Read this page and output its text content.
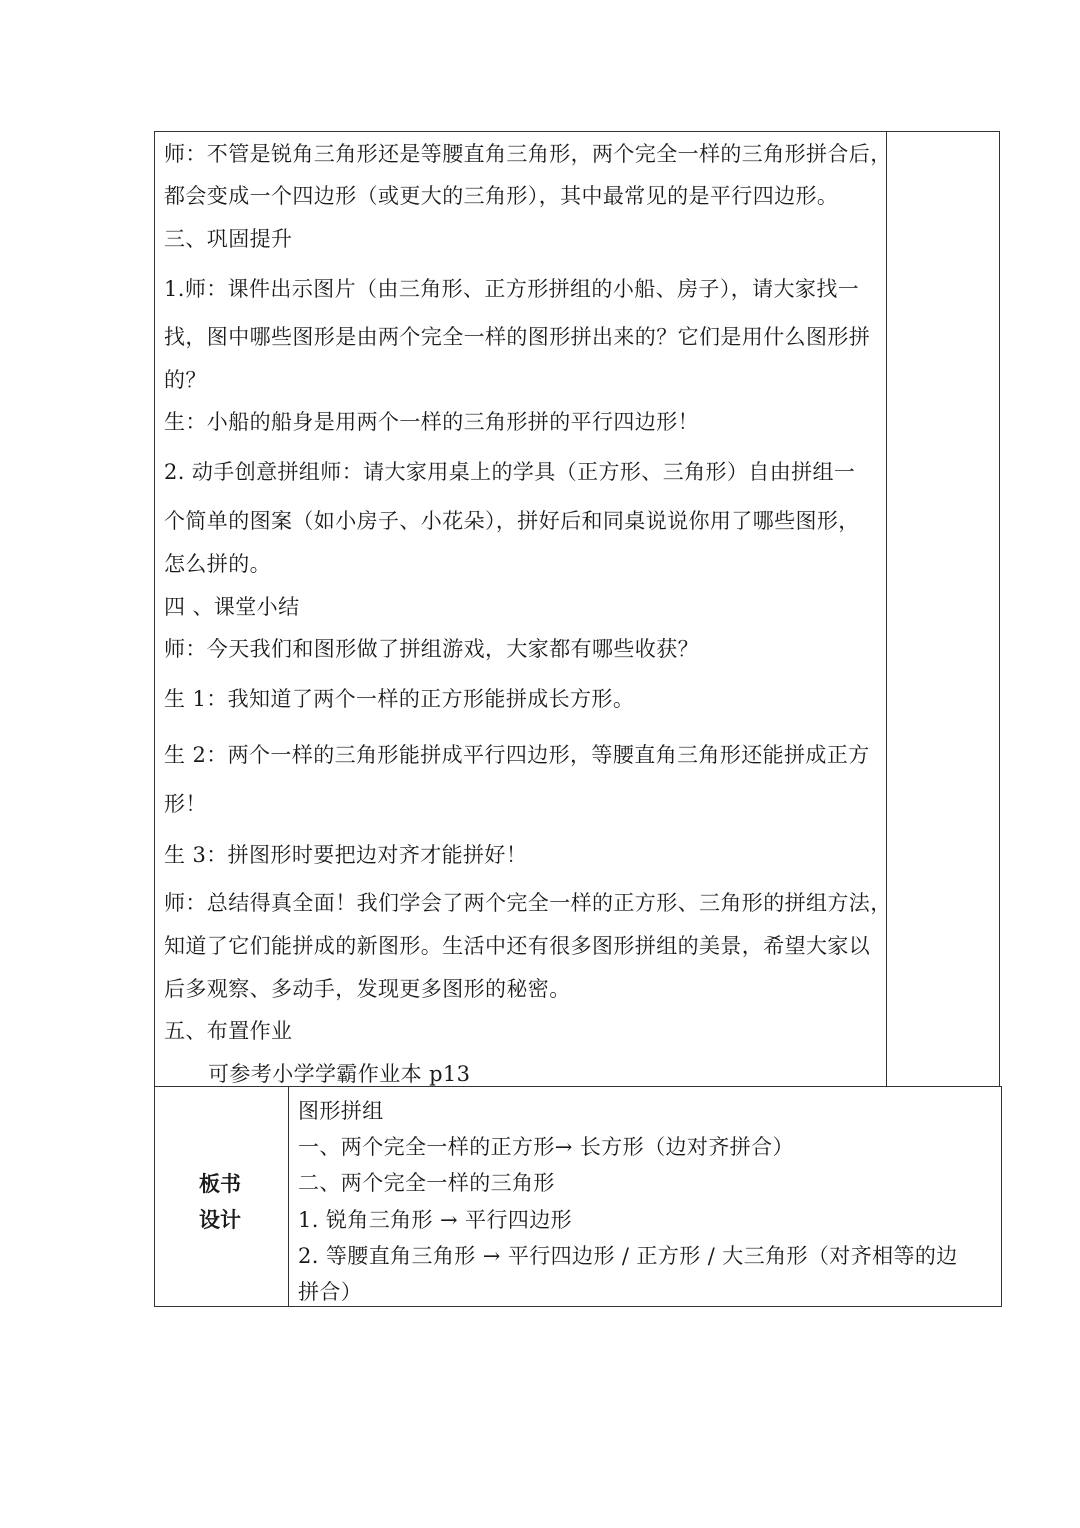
师：不管是锐角三角形还是等腰直角三角形，两个完全一样的三角形拼合后，
都会变成一个四边形（或更大的三角形），其中最常见的是平行四边形。
三、巩固提升
1.师：课件出示图片（由三角形、正方形拼组的小船、房子），请大家找一
找，图中哪些图形是由两个完全一样的图形拼出来的？它们是用什么图形拼
的？
生：小船的船身是用两个一样的三角形拼的平行四边形！
2. 动手创意拼组师：请大家用桌上的学具（正方形、三角形）自由拼组一
个简单的图案（如小房子、小花朵），拼好后和同桌说说你用了哪些图形，
怎么拼的。
四 、课堂小结
师：今天我们和图形做了拼组游戏，大家都有哪些收获？
生 1：我知道了两个一样的正方形能拼成长方形。
生 2：两个一样的三角形能拼成平行四边形，等腰直角三角形还能拼成正方
形！
生 3：拼图形时要把边对齐才能拼好！
师：总结得真全面！我们学会了两个完全一样的正方形、三角形的拼组方法，
知道了它们能拼成的新图形。生活中还有很多图形拼组的美景，希望大家以
后多观察、多动手，发现更多图形的秘密。
五、布置作业
可参考小学学霸作业本 p13
板书
设计
图形拼组
一、两个完全一样的正方形→ 长方形（边对齐拼合）
二、两个完全一样的三角形
1. 锐角三角形 → 平行四边形
2. 等腰直角三角形 → 平行四边形 / 正方形 / 大三角形（对齐相等的边
拼合）
